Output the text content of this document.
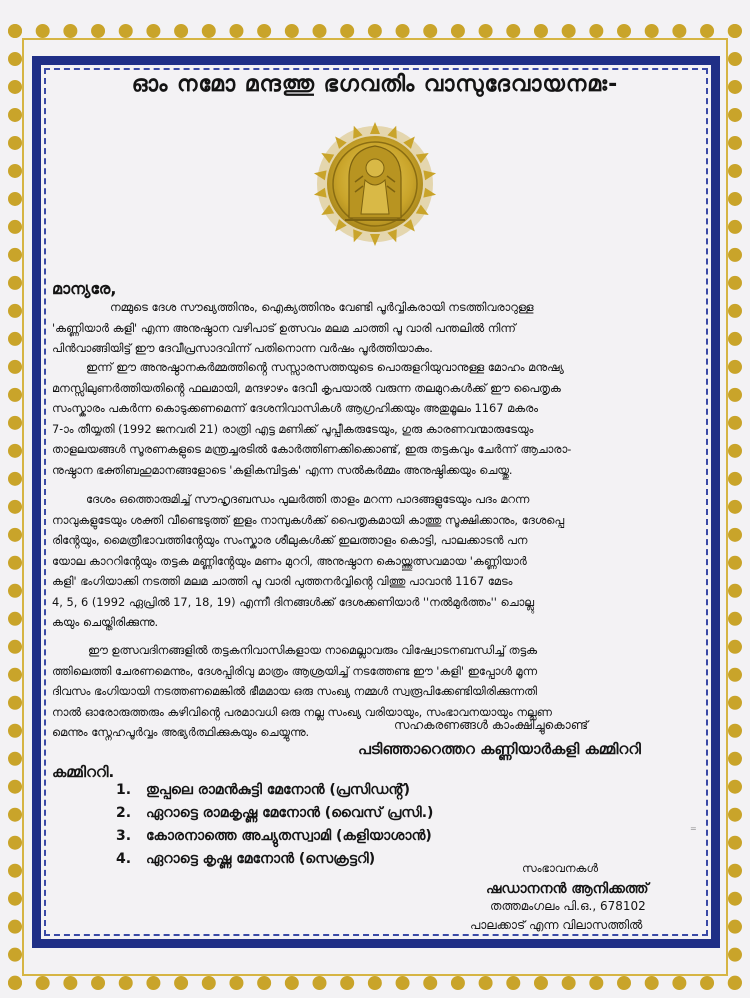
ഓം നമോ മന്ദത്തു ഭഗവതിം വാസുദേവായനമഃ-
മാന്യരേ,
നമ്മുടെ ദേശ സൗഖ്യത്തിനും, ഐക്യത്തിനും വേണ്ടി പൂർവ്വികരായി നടത്തിവരാറുള്ള
'കണ്ണിയാർ കളി' എന്ന അനുഷ്ഠാന വഴിപാട് ഉത്സവം മലമ ചാത്തി പൂ വാരി പന്തലിൽ നിന്ന്
പിൻവാങ്ങിയിട്ട് ഈ ദേവീപ്രസാദവിന്ന് പതിനൊന്ന വർഷം പൂർത്തിയാകും.
ഇന്ന് ഈ അനുഷ്ഠാനകർമ്മത്തിൻ്റെ സസ്സാരസത്തയുടെ പൊരുളറിയുവാനുള്ള മോഹം മനുഷ്യ
മനസ്സിലുണർത്തിയതിൻ്റെ ഫലമായി, മന്ദഴാഴം ദേവീ കൃപയാൽ വരുന്ന തലമുറകൾക്ക് ഈ പൈതൃക
സംസ്കാരം പകർന്ന കൊടുക്കണമെന്ന് ദേശനിവാസികൾ ആഗ്രഹിക്കയും അതുമൂലം 1167 മകരം
7-ാം തീയ്യതി (1992 ജനവരി 21) രാത്രി എട്ട മണിക്ക് പൂപ്പീകരുടേയും, ഗുരു കാരണവന്മാരുടേയും
താളലയങ്ങൾ സൂരണകളുടെ മന്ത്രച്ചരടിൽ കോർത്തിണക്കിക്കൊണ്ട്, ഇരു തട്ടകവും ചേർന്ന് ആചാരാ-
നുഷ്ഠാന ഭക്തിബഹുമാനങ്ങളോടെ 'കളികമ്പിട്ടക' എന്ന സൽകർമ്മം അനുഷ്ഠിക്കയും ചെയ്തു.
ദേശം ഒത്തൊരുമിച്ച് സൗഹൃദബന്ധം പുലർത്തി താളം മറന്ന പാദങ്ങളുടേയും പദം മറന്ന
നാവുകളുടേയും ശക്തി വീണ്ടെടുത്ത് ഇളം നാമ്പുകൾക്ക് പൈതൃകമായി കാത്തു സൂക്ഷിക്കാനും, ദേശപ്പെ
രിൻ്റേയും, മൈത്രീഭാവത്തിൻ്റേയും സംസ്കാര ശീലുകൾക്ക് ഇലത്താളം കൊട്ടി, പാലക്കാടൻ പന
യോല കാററിൻ്റേയും തട്ടക മണ്ണിൻ്റേയും മണം മുററി, അനുഷ്ഠാന കൊയ്ത്തുത്സവമായ 'കണ്ണിയാർ
കളി' ഭംഗിയാക്കി നടത്തി മലമ ചാത്തി പൂ വാരി പുത്തനർവ്വിൻ്റെ വിത്തു പാവാൻ 1167 മേടം
4, 5, 6 (1992 ഏപ്രിൽ 17, 18, 19) എന്നീ ദിനങ്ങൾക്ക് ദേശക്കണിയാർ ''നൽമുർത്തം'' ചൊല്ലു
കയും ചെയ്തിരിക്കുന്നു.
ഈ ഉത്സവദിനങ്ങളിൽ തട്ടകനിവാസികളായ നാമെല്ലാവരും വിഷ്വോടനബന്ധിച്ച് തട്ടക
ത്തിലെത്തി ചേരണമെന്നും, ദേശപ്പിരിവു മാത്രം ആശ്രയിച്ച് നടത്തേണ്ട ഈ 'കളി' ഇപ്പോൾ മൂന്ന
ദിവസം ഭംഗിയായി നടത്തണമെങ്കിൽ ഭീമമായ ഒരു സംഖ്യ നമ്മൾ സ്വരൂപിക്കേണ്ടിയിരിക്കുന്നതി
നാൽ ഓരോരുത്തരും കഴിവിൻ്റെ പരമാവധി ഒരു നല്ല സംഖ്യ വരിയായും, സംഭാവനയായും നല്ലണ
മെന്നും സ്നേഹപൂർവ്വം അഭ്യർത്ഥിക്കുകയും ചെയ്യുന്നു.	സഹകരണങ്ങൾ കാംക്ഷിച്ചുകൊണ്ട്
പടിഞ്ഞാറെത്തറ കണ്ണിയാർകളി കമ്മിററി
കമ്മിററി.
1. തുപ്പലെ രാമൻകുട്ടി മേനോൻ (പ്രസിഡൻ്റ്)
2. ഏറാട്ടെ രാമകൃഷ്ണ മേനോൻ (വൈസ് പ്രസി.)
3. കോരനാത്തെ അച്യുതസ്വാമി (കളിയാശാൻ)
4. ഏറാട്ടെ കൃഷ്ണ മേനോൻ (സെക്രട്ടറി)
=
സംഭാവനകൾ
ഷഡാനനൻ ആനിക്കത്ത്
തത്തമംഗലം പി.ഒ., 678102
പാലക്കാട് എന്ന വിലാസത്തിൽ
